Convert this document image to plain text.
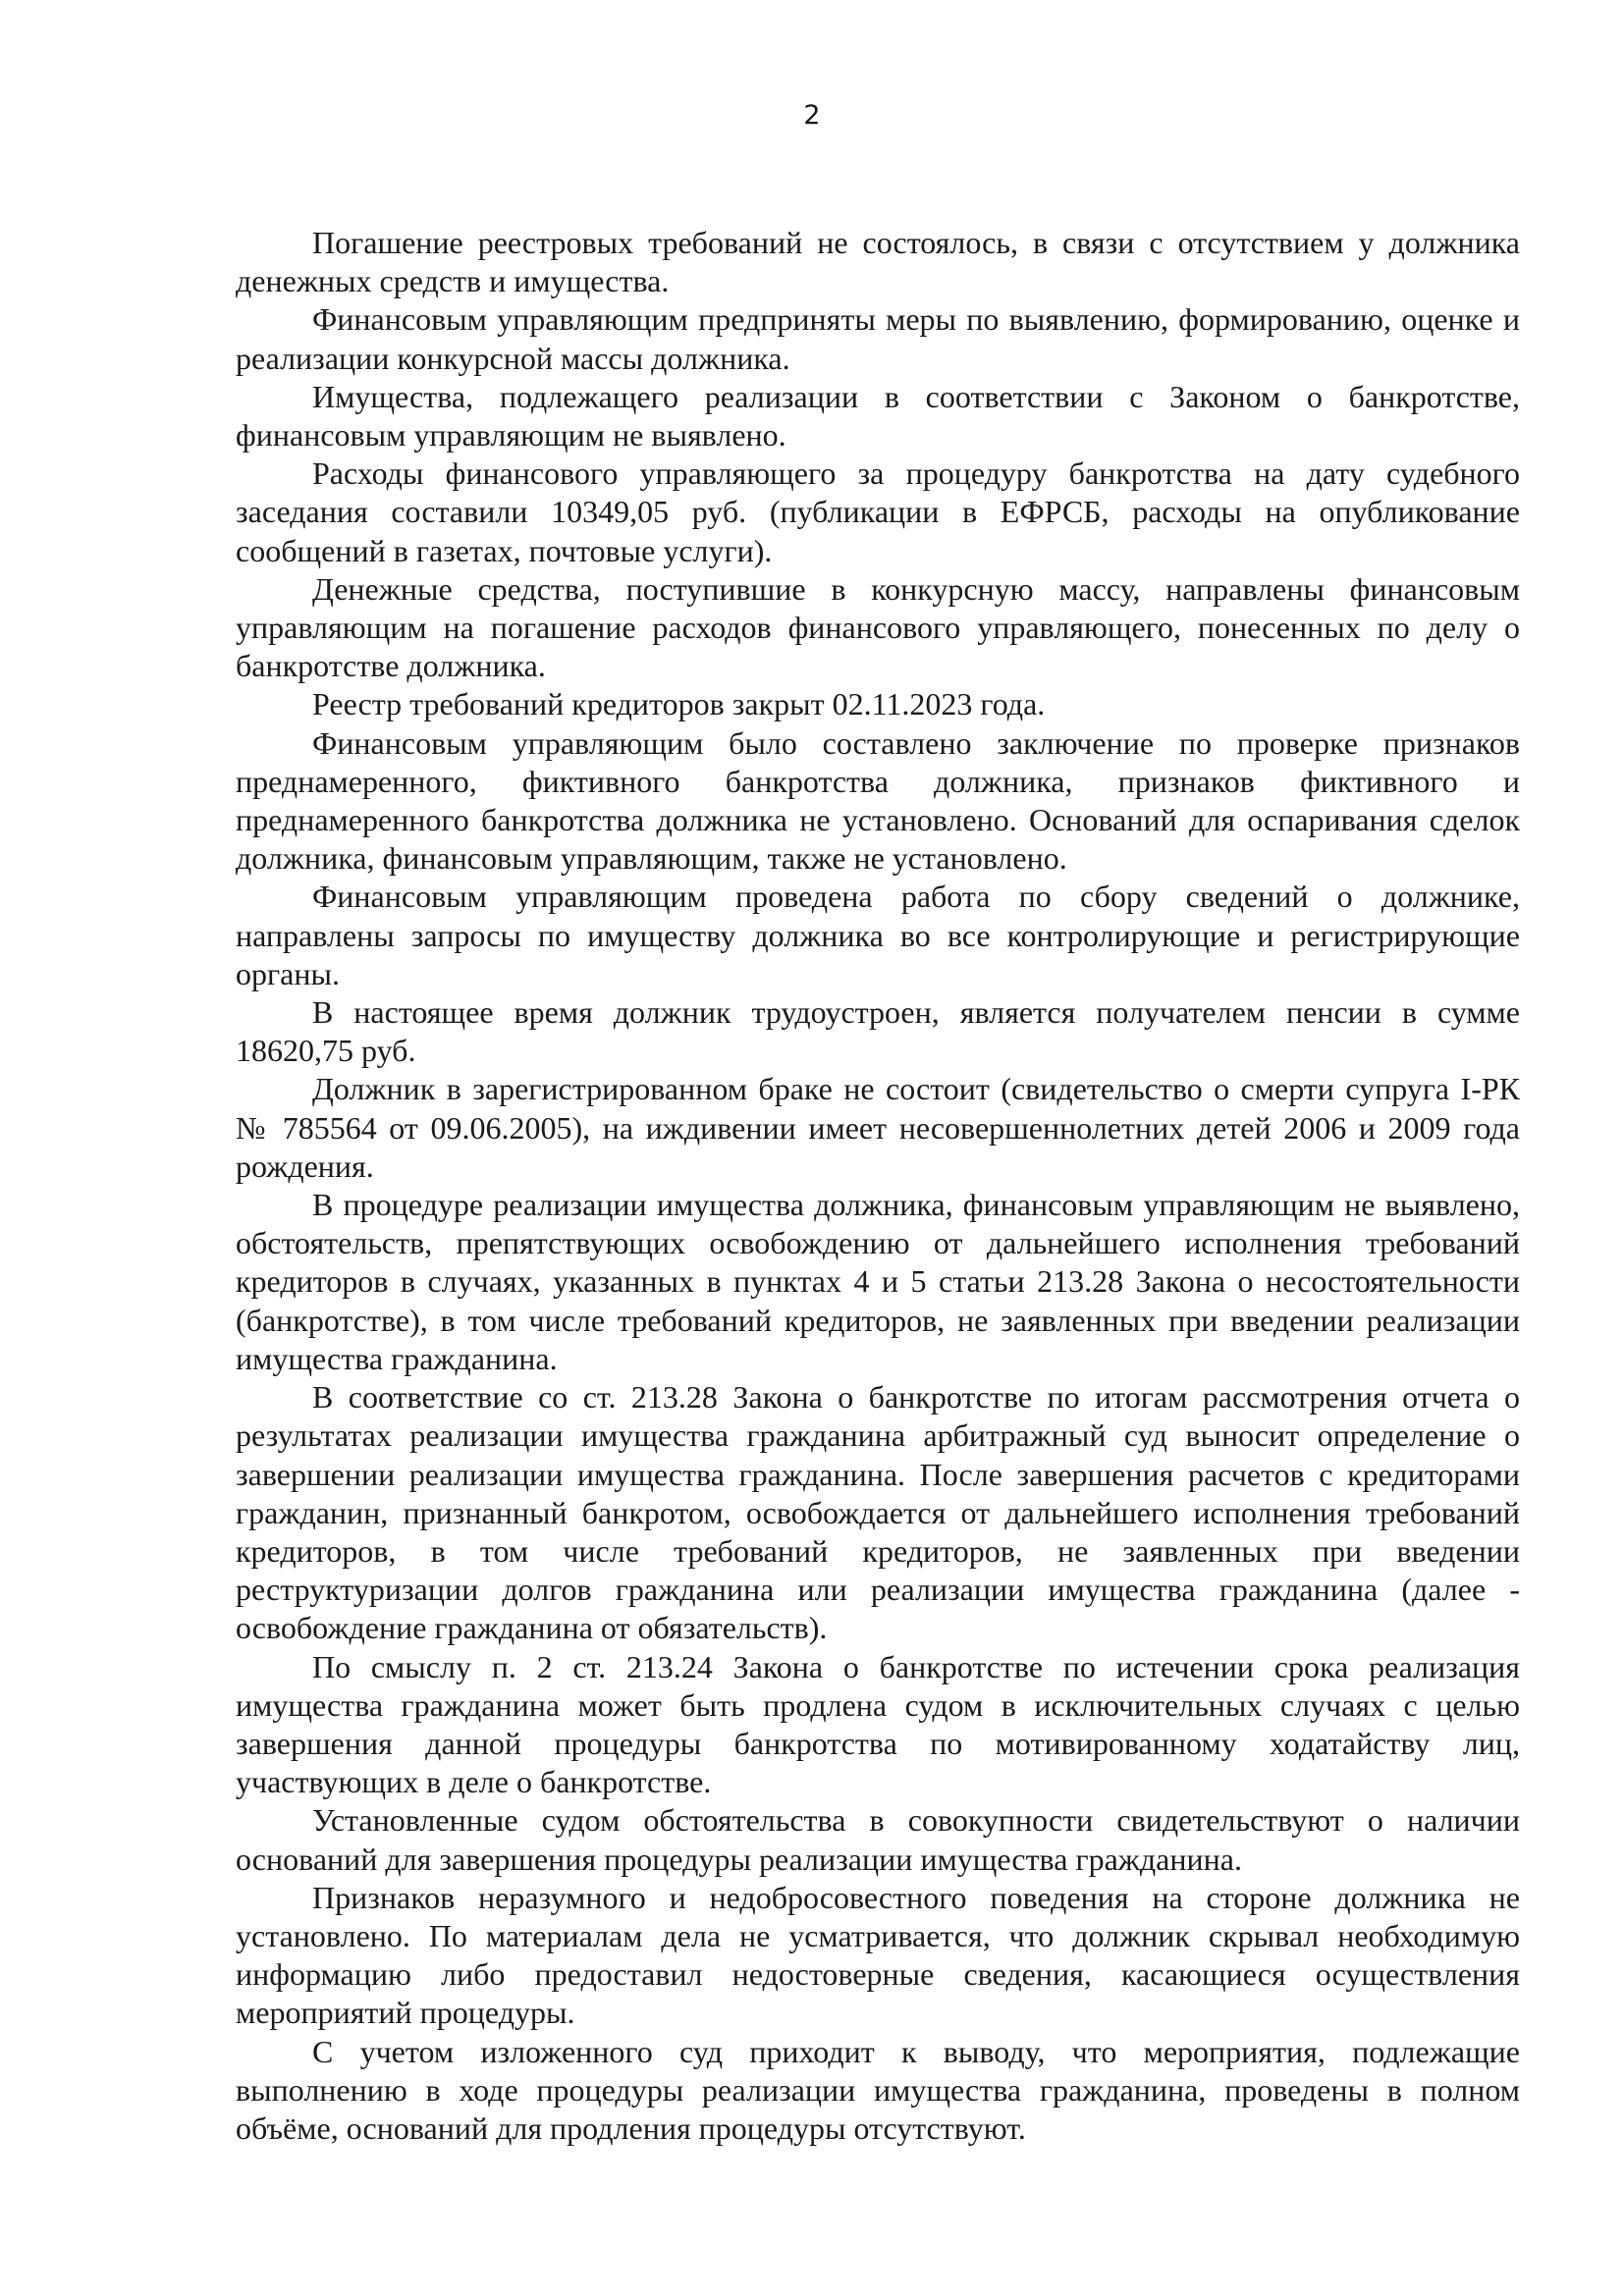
2

Погашение реестровых требований не состоялось, в связи с отсутствием у должника денежных средств и имущества.

Финансовым управляющим предприняты меры по выявлению, формированию, оценке и реализации конкурсной массы должника.

Имущества, подлежащего реализации в соответствии с Законом о банкротстве, финансовым управляющим не выявлено.

Расходы финансового управляющего за процедуру банкротства на дату судебного заседания составили 10349,05 руб. (публикации в ЕФРСБ, расходы на опубликование сообщений в газетах, почтовые услуги).

Денежные средства, поступившие в конкурсную массу, направлены финансовым управляющим на погашение расходов финансового управляющего, понесенных по делу о банкротстве должника.

Реестр требований кредиторов закрыт 02.11.2023 года.

Финансовым управляющим было составлено заключение по проверке признаков преднамеренного, фиктивного банкротства должника, признаков фиктивного и преднамеренного банкротства должника не установлено. Оснований для оспаривания сделок должника, финансовым управляющим, также не установлено.

Финансовым управляющим проведена работа по сбору сведений о должнике, направлены запросы по имуществу должника во все контролирующие и регистрирующие органы.

В настоящее время должник трудоустроен, является получателем пенсии в сумме 18620,75 руб.

Должник в зарегистрированном браке не состоит (свидетельство о смерти супруга I-РК № 785564 от 09.06.2005), на иждивении имеет несовершеннолетних детей 2006 и 2009 года рождения.

В процедуре реализации имущества должника, финансовым управляющим не выявлено, обстоятельств, препятствующих освобождению от дальнейшего исполнения требований кредиторов в случаях, указанных в пунктах 4 и 5 статьи 213.28 Закона о несостоятельности (банкротстве), в том числе требований кредиторов, не заявленных при введении реализации имущества гражданина.

В соответствие со ст. 213.28 Закона о банкротстве по итогам рассмотрения отчета о результатах реализации имущества гражданина арбитражный суд выносит определение о завершении реализации имущества гражданина. После завершения расчетов с кредиторами гражданин, признанный банкротом, освобождается от дальнейшего исполнения требований кредиторов, в том числе требований кредиторов, не заявленных при введении реструктуризации долгов гражданина или реализации имущества гражданина (далее - освобождение гражданина от обязательств).

По смыслу п. 2 ст. 213.24 Закона о банкротстве по истечении срока реализация имущества гражданина может быть продлена судом в исключительных случаях с целью завершения данной процедуры банкротства по мотивированному ходатайству лиц, участвующих в деле о банкротстве.

Установленные судом обстоятельства в совокупности свидетельствуют о наличии оснований для завершения процедуры реализации имущества гражданина.

Признаков неразумного и недобросовестного поведения на стороне должника не установлено. По материалам дела не усматривается, что должник скрывал необходимую информацию либо предоставил недостоверные сведения, касающиеся осуществления мероприятий процедуры.

С учетом изложенного суд приходит к выводу, что мероприятия, подлежащие выполнению в ходе процедуры реализации имущества гражданина, проведены в полном объёме, оснований для продления процедуры отсутствуют.
